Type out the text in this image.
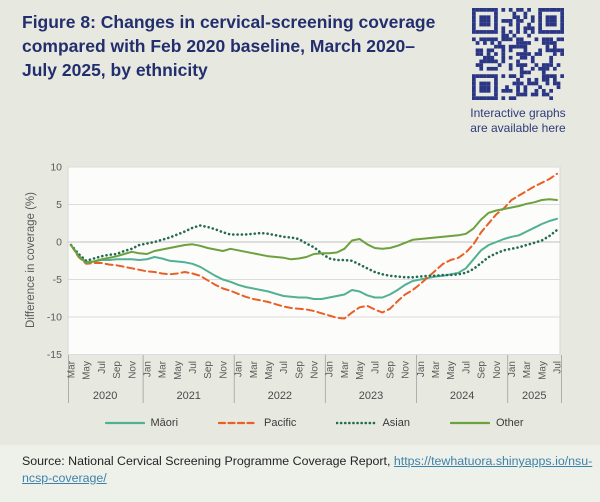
Figure 8: Changes in cervical-screening coverage
compared with Feb 2020 baseline, March 2020–
July 2025, by ethnicity
Interactive graphs
are available here
10
5
0
-5
-10
-15
Difference in coverage (%)
Mar May Jul Sep Nov
2020
Jan Mar May Jul Sep Nov
2021
Jan Mar May Jul Sep Nov
2022
Jan Mar May Jul Sep Nov
2023
Jan Mar May Jul Sep Nov
2024
Jan Mar May Jul
2025
Māori	Pacific	Asian	Other
Source: National Cervical Screening Programme Coverage Report, https://tewhatuora.shinyapps.io/nsu-
ncsp-coverage/
